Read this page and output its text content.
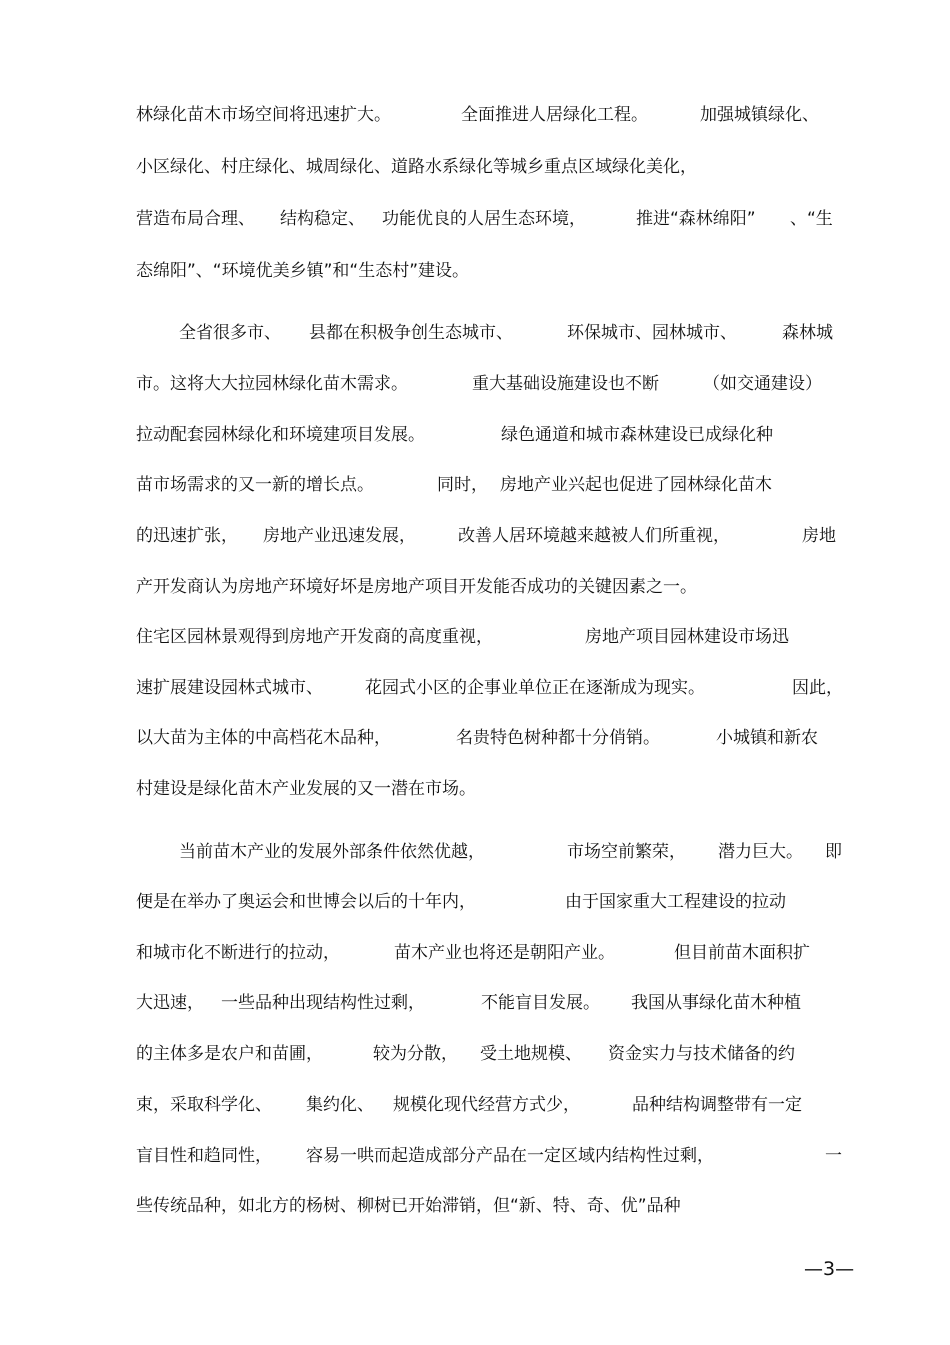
林绿化苗木市场空间将迅速扩大。

	全面推进人居绿化工程。

	加强城镇绿化、

小区绿化、村庄绿化、城周绿化、道路水系绿化等城乡重点区域绿化美化，

营造布局合理、

结构稳定、

功能优良的人居生态环境，

	推进“森林绵阳”

、“生

态绵阳”、“环境优美乡镇”和“生态村”建设。

全省很多市、

县都在积极争创生态城市、

	环保城市、园林城市、

	森林城

市。这将大大拉园林绿化苗木需求。

	重大基础设施建设也不断

	（如交通建设）

拉动配套园林绿化和环境建项目发展。

	绿色通道和城市森林建设已成绿化种

苗市场需求的又一新的增长点。

	同时，

房地产业兴起也促进了园林绿化苗木

的迅速扩张，

房地产业迅速发展，

改善人居环境越来越被人们所重视，

	房地

产开发商认为房地产环境好坏是房地产项目开发能否成功的关键因素之一。

住宅区园林景观得到房地产开发商的高度重视，

	房地产项目园林建设市场迅

速扩展建设园林式城市、

花园式小区的企事业单位正在逐渐成为现实。

	因此，

以大苗为主体的中高档花木品种，

	名贵特色树种都十分俏销。

	小城镇和新农

村建设是绿化苗木产业发展的又一潜在市场。

当前苗木产业的发展外部条件依然优越，

	市场空前繁荣，

潜力巨大。

即

便是在举办了奥运会和世博会以后的十年内，

	由于国家重大工程建设的拉动

和城市化不断进行的拉动，

	苗木产业也将还是朝阳产业。

	但目前苗木面积扩

大迅速，

一些品种出现结构性过剩，

	不能盲目发展。

我国从事绿化苗木种植

的主体多是农户和苗圃，

	较为分散，

受土地规模、

资金实力与技术储备的约

束，采取科学化、

集约化、

规模化现代经营方式少，

	品种结构调整带有一定

盲目性和趋同性，

容易一哄而起造成部分产品在一定区域内结构性过剩，

	一

些传统品种，如北方的杨树、柳树已开始滞销，但“新、特、奇、优”品种

—3—
